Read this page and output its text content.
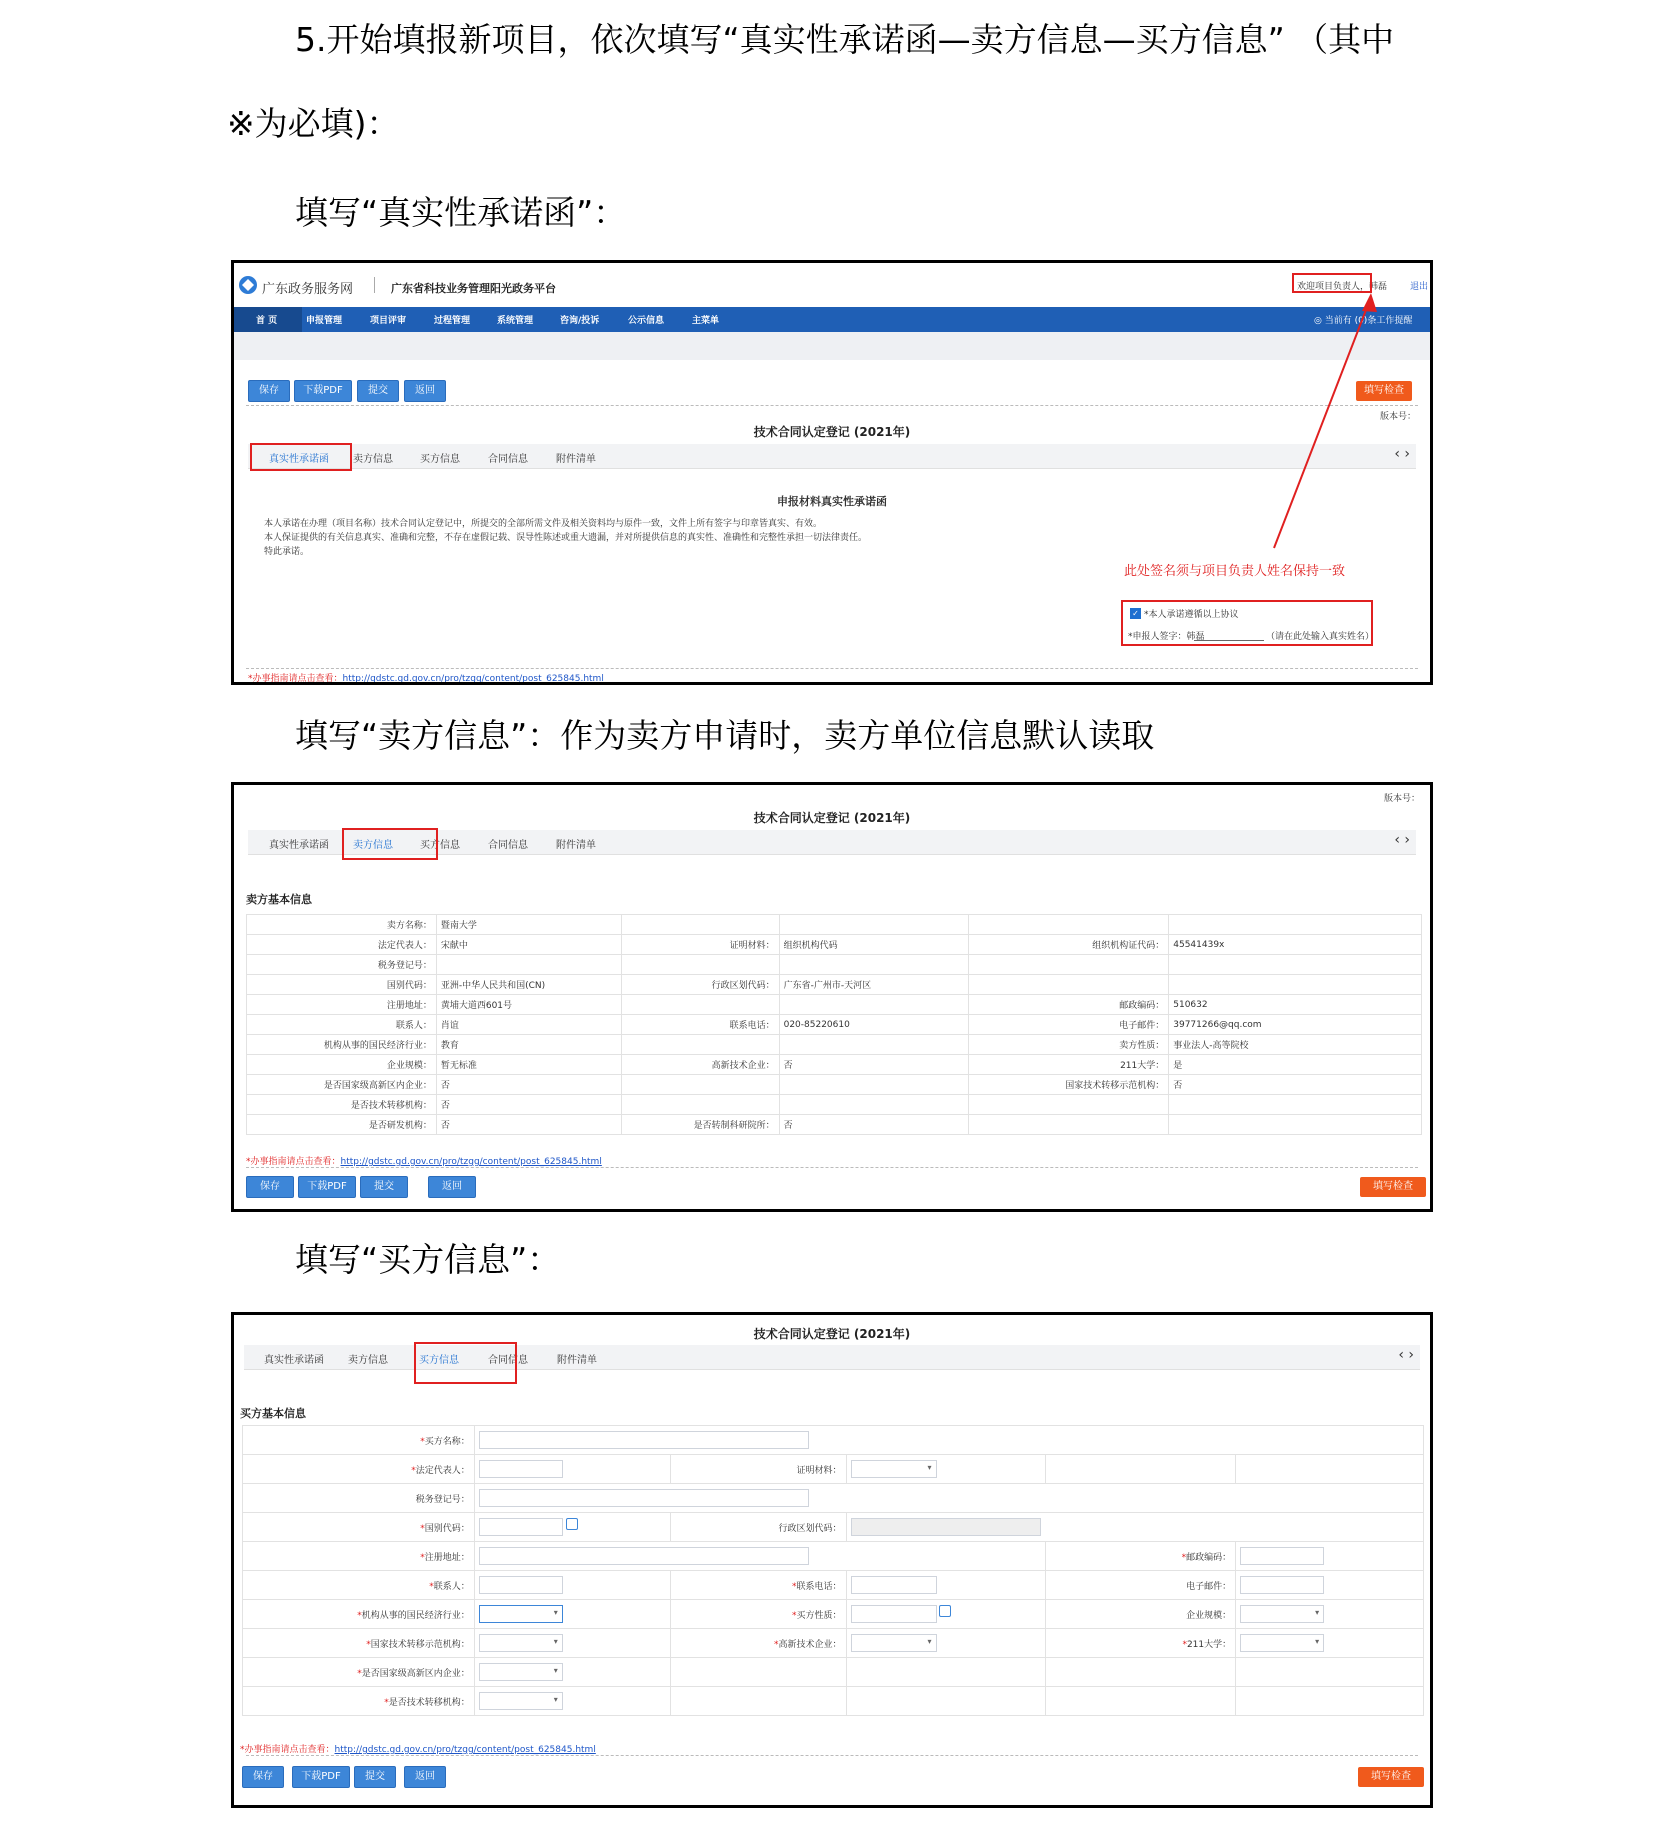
5.开始填报新项目，依次填写“真实性承诺函—卖方信息—买方信息” （其中
※为必填)：
填写“真实性承诺函”：
广东政务服务网	广东省科技业务管理阳光政务平台	欢迎项目负责人，韩磊	退出
首 页	申报管理	项目评审	过程管理	系统管理	咨询/投诉	公示信息	主菜单	◎ 当前有 (0)条工作提醒
保存	下载PDF	提交	返回	填写检查
版本号：
技术合同认定登记 (2021年)
真实性承诺函 卖方信息	买方信息	合同信息	附件清单	‹ ›
申报材料真实性承诺函
本人承诺在办理（项目名称）技术合同认定登记中，所提交的全部所需文件及相关资料均与原件一致，文件上所有签字与印章皆真实、有效。
本人保证提供的有关信息真实、准确和完整，不存在虚假记载、误导性陈述或重大遗漏，并对所提供信息的真实性、准确性和完整性承担一切法律责任。
特此承诺。
此处签名须与项目负责人姓名保持一致
✓ *本人承诺遵循以上协议
*申报人签字：韩磊	（请在此处输入真实姓名）
*办事指南请点击查看：http://gdstc.gd.gov.cn/pro/tzgg/content/post_625845.html
填写“卖方信息”：作为卖方申请时，卖方单位信息默认读取
版本号：
技术合同认定登记 (2021年)
真实性承诺函 卖方信息	买方信息	合同信息	附件清单	‹ ›
卖方基本信息
卖方名称：	暨南大学				
法定代表人：	宋献中	证明材料：	组织机构代码	组织机构证代码：	45541439x
税务登记号：					
国别代码：	亚洲-中华人民共和国(CN)	行政区划代码：	广东省-广州市-天河区		
注册地址：	黄埔大道西601号			邮政编码：	510632
联系人：	肖谊	联系电话：	020-85220610	电子邮件：	39771266@qq.com
机构从事的国民经济行业：	教育			卖方性质：	事业法人-高等院校
企业规模：	暂无标准	高新技术企业：	否	211大学：	是
是否国家级高新区内企业：	否			国家技术转移示范机构：	否
是否技术转移机构：	否				
是否研发机构：	否	是否转制科研院所：	否		
*办事指南请点击查看：http://gdstc.gd.gov.cn/pro/tzgg/content/post_625845.html
保存	下载PDF	提交	返回	填写检查
填写“买方信息”：
技术合同认定登记 (2021年)
真实性承诺函 卖方信息	买方信息	合同信息	附件清单	‹ ›
买方基本信息
*买方名称：					
*法定代表人：		证明材料：	▾		
税务登记号：					
*国别代码：		行政区划代码：			
*注册地址：				*邮政编码：	
*联系人：		*联系电话：		电子邮件：	
*机构从事的国民经济行业：	▾	*买方性质：		企业规模：	▾
*国家技术转移示范机构：	▾	*高新技术企业：	▾	*211大学：	▾
*是否国家级高新区内企业：	▾				
*是否技术转移机构：	▾				
*办事指南请点击查看：http://gdstc.gd.gov.cn/pro/tzgg/content/post_625845.html
保存	下载PDF	提交	返回	填写检查
